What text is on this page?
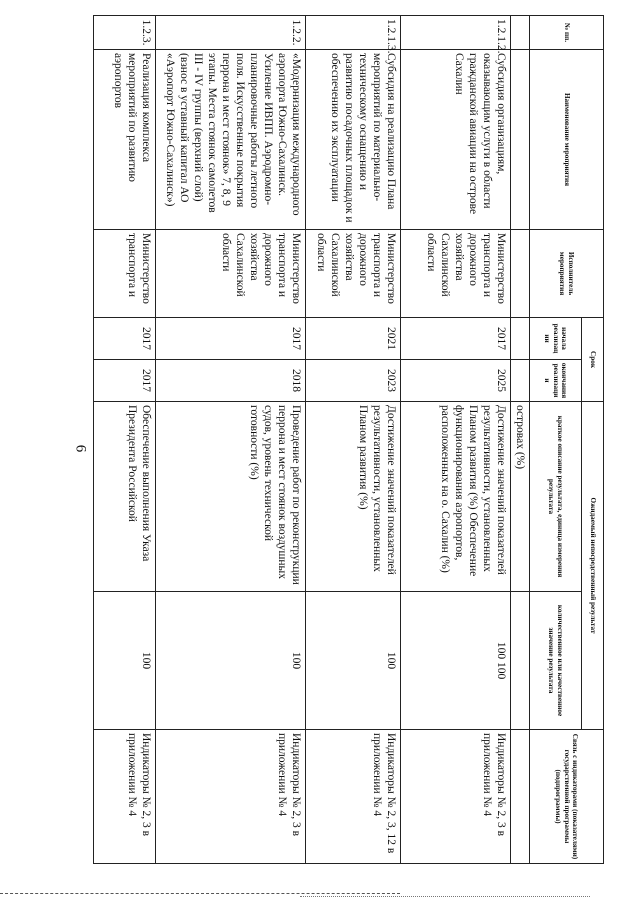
6
№ пп.	Наименование мероприятия	Исполнитель мероприятия	Срок		Ожидаемый непосредственный результат		Связь с индикаторами (показателями) государственной программы (подпрограммы)
			начала реализац ии	окончания реализаци и	краткое описание результата, единица измерения результата	количественное или качественное значение результата	
					островах (%)		
1.2.1.2.	Субсидия организациям, оказывающим услуги в области гражданской авиации на острове Сахалин	Министерство транспорта и дорожного хозяйства Сахалинской области	2017	2025	Достижение значений показателей результативности, установленных Планом развития (%) Обеспечение функционирования аэропортов, расположенных на о. Сахалин (%)	100 100	Индикаторы № 2, 3 в приложении № 4
1.2.1.3.	Субсидия на реализацию Плана мероприятий по материально-техническому оснащению и развитию посадочных площадок и обеспечению их эксплуатации	Министерство транспорта и дорожного хозяйства Сахалинской области	2021	2023	Достижение значений показателей результативности, установленных Планом развития (%)	100	Индикаторы № 2, 3, 12 в приложении № 4
1.2.2.	«Модернизация международного аэропорта Южно-Сахалинск. Усиление ИВПП. Аэродромно-планировочные работы летного поля. Искусственные покрытия перрона и мест стоянок» 7, 8, 9 этапы. Места стоянок самолетов III - IV группы (верхний слой) (взнос в уставный капитал АО «Аэропорт Южно-Сахалинск»)	Министерство транспорта и дорожного хозяйства Сахалинской области	2017	2018	Проведение работ по реконструкции перрона и мест стоянок воздушных судов, уровень технической готовности (%)	100	Индикаторы № 2, 3 в приложении № 4
1.2.3.	Реализация комплекса мероприятий по развитию аэропортов	Министерство транспорта и	2017	2017	Обеспечение выполнения Указа Президента Российской	100	Индикаторы № 2, 3 в приложении № 4
